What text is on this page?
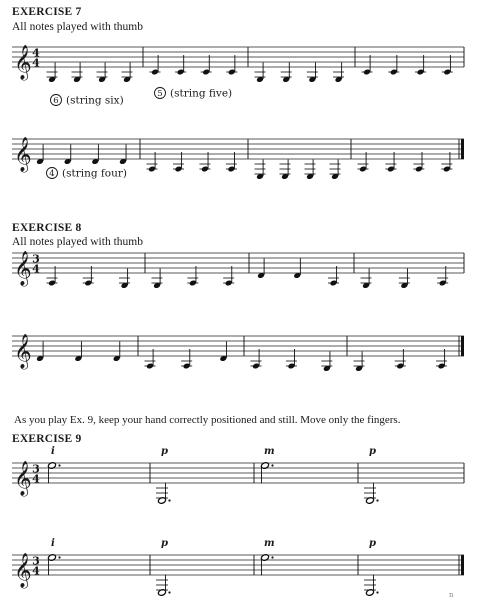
EXERCISE 7
All notes played with thumb
EXERCISE 8
All notes played with thumb
As you play Ex. 9, keep your hand correctly positioned and still. Move only the fingers.
EXERCISE 9
𝄞 4
4
𝄞
6 (string six)
5 (string five)
4 (string four)
𝄞 3
4
𝄞
𝄞 3
4
i	p	m	p
𝄞 3
4
i	p	m	p
n
